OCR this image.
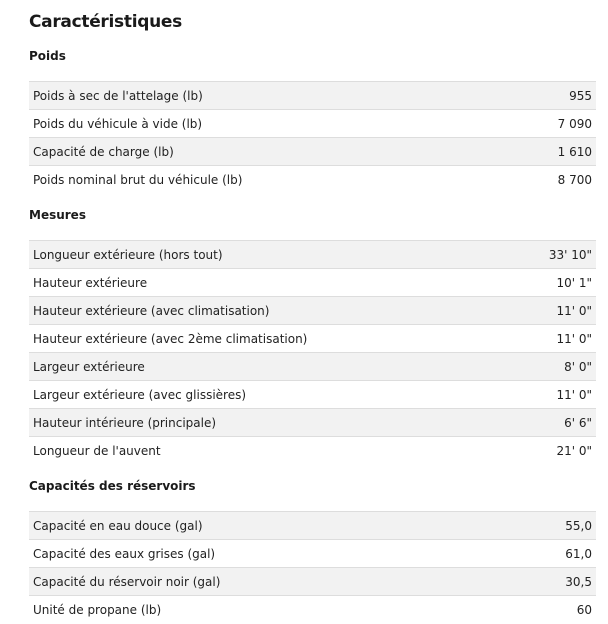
Caractéristiques
Poids
Poids à sec de l'attelage (lb)	955
Poids du véhicule à vide (lb)	7 090
Capacité de charge (lb)	1 610
Poids nominal brut du véhicule (lb)	8 700
Mesures
Longueur extérieure (hors tout)	33' 10"
Hauteur extérieure	10' 1"
Hauteur extérieure (avec climatisation)	11' 0"
Hauteur extérieure (avec 2ème climatisation)	11' 0"
Largeur extérieure	8' 0"
Largeur extérieure (avec glissières)	11' 0"
Hauteur intérieure (principale)	6' 6"
Longueur de l'auvent	21' 0"
Capacités des réservoirs
Capacité en eau douce (gal)	55,0
Capacité des eaux grises (gal)	61,0
Capacité du réservoir noir (gal)	30,5
Unité de propane (lb)	60
